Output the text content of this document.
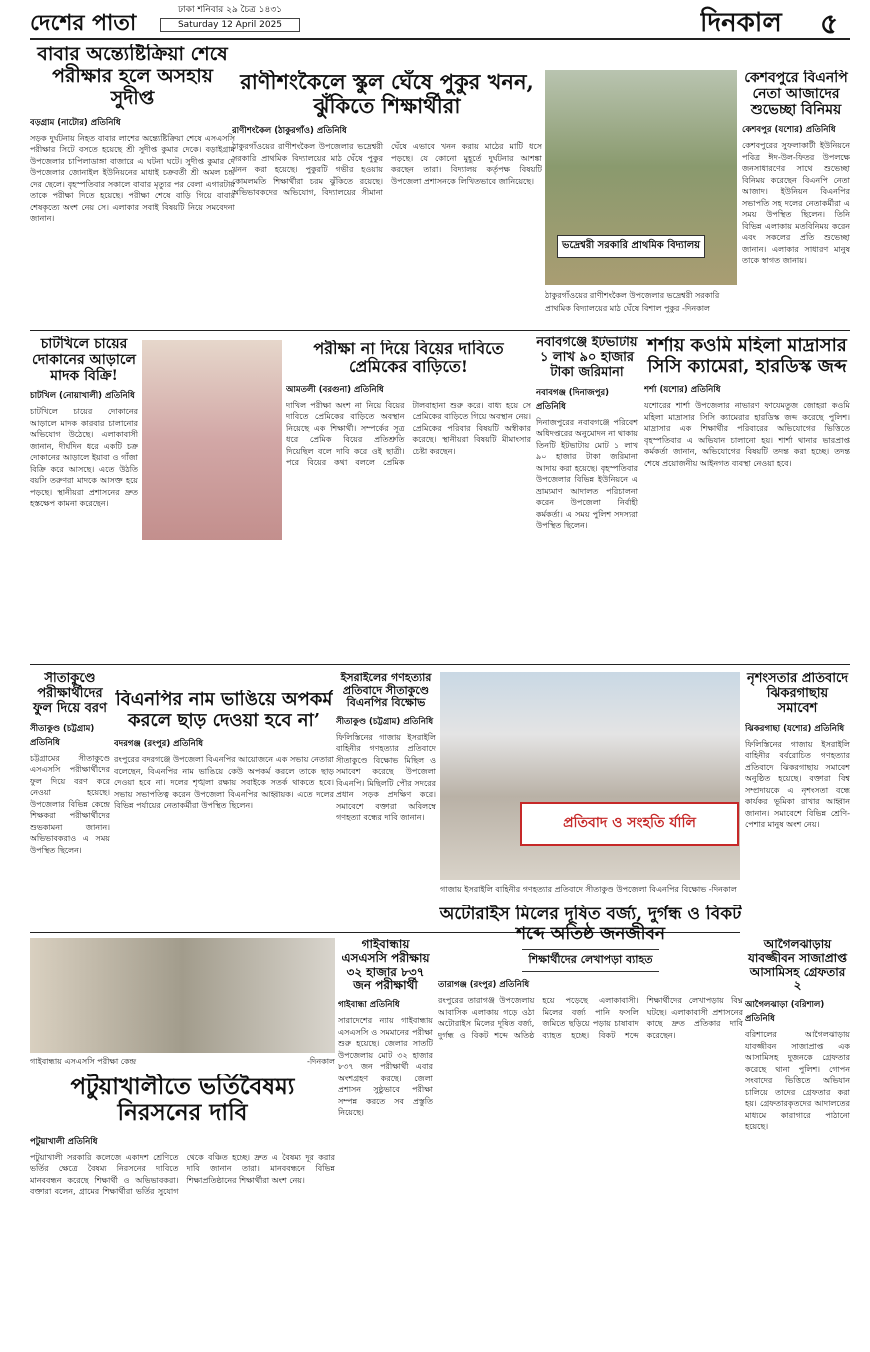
দেশের পাতা	ঢাকা শনিবার ২৯ চৈত্র ১৪৩১
Saturday 12 April 2025	দিনকাল	৫
বাবার অন্ত্যেষ্টিক্রিয়া শেষে পরীক্ষার হলে অসহায় সুদীপ্ত
বড়গ্রাম (নাটোর) প্রতিনিধি
সড়ক দুর্ঘটনায় নিহত বাবার লাশের অন্ত্যেষ্টিক্রিয়া শেষে এসএসসি পরীক্ষার সিটে বসতে হয়েছে শ্রী সুদীপ্ত কুমার দেকে। বড়াইগ্রাম উপজেলার চাপিলাডাঙ্গা বাজারে এ ঘটনা ঘটে। সুদীপ্ত কুমার দে উপজেলার জোনাইল ইউনিয়নের মাধাই চক্রবর্তী শ্রী অমল চন্দ্র দের ছেলে। বৃহস্পতিবার সকালে বাবার মৃত্যুর পর বেলা এগারটায় তাকে পরীক্ষা দিতে হয়েছে। পরীক্ষা শেষে বাড়ি গিয়ে বাবার শেষকৃত্যে অংশ নেয় সে। এলাকার সবাই বিষয়টি নিয়ে সমবেদনা জানান।
রাণীশংকৈলে স্কুল ঘেঁষে পুকুর খনন, ঝুঁকিতে শিক্ষার্থীরা
রাণীশংকৈল (ঠাকুরগাঁও) প্রতিনিধি
ঠাকুরগাঁওয়ের রাণীশংকৈল উপজেলার ভদ্রেশ্বরী সরকারি প্রাথমিক বিদ্যালয়ের মাঠ ঘেঁষে পুকুর খনন করা হয়েছে। পুকুরটি গভীর হওয়ায় কোমলমতি শিক্ষার্থীরা চরম ঝুঁকিতে রয়েছে। অভিভাবকদের অভিযোগ, বিদ্যালয়ের সীমানা ঘেঁষে এভাবে খনন করায় মাঠের মাটি ধসে পড়ছে। যে কোনো মুহূর্তে দুর্ঘটনার আশঙ্কা করছেন তারা। বিদ্যালয় কর্তৃপক্ষ বিষয়টি উপজেলা প্রশাসনকে লিখিতভাবে জানিয়েছে।
ভদ্রেশ্বরী সরকারি প্রাথমিক বিদ্যালয়
ঠাকুরগাঁওয়ের রাণীশংকৈল উপজেলার ভদ্রেশ্বরী সরকারি প্রাথমিক বিদ্যালয়ের মাঠ ঘেঁষে বিশাল পুকুর -দিনকাল
কেশবপুরে বিএনপি নেতা আজাদের শুভেচ্ছা বিনিময়
কেশবপুর (যশোর) প্রতিনিধি
কেশবপুরের সুফলাকাটী ইউনিয়নে পবিত্র ঈদ-উল-ফিতর উপলক্ষে জনসাধারণের সাথে শুভেচ্ছা বিনিময় করেছেন বিএনপি নেতা আজাদ। ইউনিয়ন বিএনপির সভাপতি সহ দলের নেতাকর্মীরা এ সময় উপস্থিত ছিলেন। তিনি বিভিন্ন এলাকায় মতবিনিময় করেন এবং সকলের প্রতি শুভেচ্ছা জানান। এলাকার সাধারণ মানুষ তাকে স্বাগত জানায়।
চাটখিলে চায়ের দোকানের আড়ালে মাদক বিক্রি!
চাটখিল (নোয়াখালী) প্রতিনিধি
চাটখিলে চায়ের দোকানের আড়ালে মাদক কারবার চালানোর অভিযোগ উঠেছে। এলাকাবাসী জানান, দীর্ঘদিন ধরে একটি চক্র দোকানের আড়ালে ইয়াবা ও গাঁজা বিক্রি করে আসছে। এতে উঠতি বয়সি তরুণরা মাদকে আসক্ত হয়ে পড়ছে। স্থানীয়রা প্রশাসনের দ্রুত হস্তক্ষেপ কামনা করেছেন।
পরীক্ষা না দিয়ে বিয়ের দাবিতে প্রেমিকের বাড়িতে!
আমতলী (বরগুনা) প্রতিনিধি
দাখিল পরীক্ষা অংশ না নিয়ে বিয়ের দাবিতে প্রেমিকের বাড়িতে অবস্থান নিয়েছে এক শিক্ষার্থী। সম্পর্কের সূত্র ধরে প্রেমিক বিয়ের প্রতিশ্রুতি দিয়েছিল বলে দাবি করে ওই ছাত্রী। পরে বিয়ের কথা বললে প্রেমিক টালবাহানা শুরু করে। বাধ্য হয়ে সে প্রেমিকের বাড়িতে গিয়ে অবস্থান নেয়। প্রেমিকের পরিবার বিষয়টি অস্বীকার করেছে। স্থানীয়রা বিষয়টি মীমাংসার চেষ্টা করছেন।
নবাবগঞ্জে ইটভাটায় ১ লাখ ৯০ হাজার টাকা জরিমানা
নবাবগঞ্জ (দিনাজপুর) প্রতিনিধি
দিনাজপুরের নবাবগঞ্জে পরিবেশ অধিদপ্তরের অনুমোদন না থাকায় তিনটি ইটভাটায় মোট ১ লাখ ৯০ হাজার টাকা জরিমানা আদায় করা হয়েছে। বৃহস্পতিবার উপজেলার বিভিন্ন ইউনিয়নে এ ভ্রাম্যমাণ আদালত পরিচালনা করেন উপজেলা নির্বাহী কর্মকর্তা। এ সময় পুলিশ সদস্যরা উপস্থিত ছিলেন।
শর্শায় কওমি মহিলা মাদ্রাসার সিসি ক্যামেরা, হারডিস্ক জব্দ
শর্শা (যশোর) প্রতিনিধি
যশোরের শার্শা উপজেলার নাভারণ ফাযেমতুজ জোহরা কওমি মহিলা মাদ্রাসার সিসি ক্যামেরার হারডিস্ক জব্দ করেছে পুলিশ। মাদ্রাসার এক শিক্ষার্থীর পরিবারের অভিযোগের ভিত্তিতে বৃহস্পতিবার এ অভিযান চালানো হয়। শার্শা থানার ভারপ্রাপ্ত কর্মকর্তা জানান, অভিযোগের বিষয়টি তদন্ত করা হচ্ছে। তদন্ত শেষে প্রয়োজনীয় আইনগত ব্যবস্থা নেওয়া হবে।
সীতাকুণ্ডে পরীক্ষার্থীদের ফুল দিয়ে বরণ
সীতাকুণ্ড (চট্টগ্রাম) প্রতিনিধি
চট্টগ্রামের সীতাকুণ্ডে এসএসসি পরীক্ষার্থীদের ফুল দিয়ে বরণ করে নেওয়া হয়েছে। উপজেলার বিভিন্ন কেন্দ্রে শিক্ষকরা পরীক্ষার্থীদের শুভকামনা জানান। অভিভাবকরাও এ সময় উপস্থিত ছিলেন।
বিএনপির নাম ভাঙিয়ে অপকর্ম করলে ছাড় দেওয়া হবে না’
বদরগঞ্জ (রংপুর) প্রতিনিধি
রংপুরের বদরগঞ্জে উপজেলা বিএনপির আয়োজনে এক সভায় নেতারা বলেছেন, বিএনপির নাম ভাঙিয়ে কেউ অপকর্ম করলে তাকে ছাড় দেওয়া হবে না। দলের শৃঙ্খলা রক্ষায় সবাইকে সতর্ক থাকতে হবে। সভায় সভাপতিত্ব করেন উপজেলা বিএনপির আহ্বায়ক। এতে দলের বিভিন্ন পর্যায়ের নেতাকর্মীরা উপস্থিত ছিলেন।
ইসরাইলের গণহত্যার প্রতিবাদে সীতাকুণ্ডে বিএনপির বিক্ষোভ
সীতাকুণ্ড (চট্টগ্রাম) প্রতিনিধি
ফিলিস্তিনের গাজায় ইসরাইলি বাহিনীর গণহত্যার প্রতিবাদে সীতাকুণ্ডে বিক্ষোভ মিছিল ও সমাবেশ করেছে উপজেলা বিএনপি। মিছিলটি পৌর সদরের প্রধান সড়ক প্রদক্ষিণ করে। সমাবেশে বক্তারা অবিলম্বে গণহত্যা বন্ধের দাবি জানান।	প্রতিবাদ ও সংহতি র্যালি
গাজায় ইসরাইলি বাহিনীর গণহত্যার প্রতিবাদে সীতাকুণ্ড উপজেলা বিএনপির বিক্ষোভ -দিনকাল
নৃশংসতার প্রতিবাদে ঝিকরগাছায় সমাবেশ
ঝিকরগাছা (যশোর) প্রতিনিধি
ফিলিস্তিনের গাজায় ইসরাইলি বাহিনীর বর্বরোচিত গণহত্যার প্রতিবাদে ঝিকরগাছায় সমাবেশ অনুষ্ঠিত হয়েছে। বক্তারা বিশ্ব সম্প্রদায়কে এ নৃশংসতা বন্ধে কার্যকর ভূমিকা রাখার আহ্বান জানান। সমাবেশে বিভিন্ন শ্রেণি-পেশার মানুষ অংশ নেয়।
গাইবান্ধায় এসএসসি পরীক্ষা কেন্দ্র	-দিনকাল
গাইবান্ধায় এসএসসি পরীক্ষায় ৩২ হাজার ৮৩৭ জন পরীক্ষার্থী
গাইবান্ধা প্রতিনিধি
সারাদেশের ন্যায় গাইবান্ধায় এসএসসি ও সমমানের পরীক্ষা শুরু হয়েছে। জেলার সাতটি উপজেলায় মোট ৩২ হাজার ৮৩৭ জন পরীক্ষার্থী এবার অংশগ্রহণ করছে। জেলা প্রশাসন সুষ্ঠুভাবে পরীক্ষা সম্পন্ন করতে সব প্রস্তুতি নিয়েছে।
অটোরাইস মিলের দূষিত বর্জ্য, দুর্গন্ধ ও বিকট শব্দে অতিষ্ঠ জনজীবন
শিক্ষার্থীদের লেখাপড়া ব্যাহত
তারাগঞ্জ (রংপুর) প্রতিনিধি
রংপুরের তারাগঞ্জ উপজেলায় আবাসিক এলাকায় গড়ে ওঠা অটোরাইস মিলের দূষিত বর্জ্য, দুর্গন্ধ ও বিকট শব্দে অতিষ্ঠ হয়ে পড়েছে এলাকাবাসী। মিলের বর্জ্য পানি ফসলি জমিতে ছড়িয়ে পড়ায় চাষাবাদ ব্যাহত হচ্ছে। বিকট শব্দে শিক্ষার্থীদের লেখাপড়ায় বিঘ্ন ঘটছে। এলাকাবাসী প্রশাসনের কাছে দ্রুত প্রতিকার দাবি করেছেন।
আগৈলঝাড়ায় যাবজ্জীবন সাজাপ্রাপ্ত আসামিসহ গ্রেফতার ২
আগৈলঝাড়া (বরিশাল) প্রতিনিধি
বরিশালের আগৈলঝাড়ায় যাবজ্জীবন সাজাপ্রাপ্ত এক আসামিসহ দুজনকে গ্রেফতার করেছে থানা পুলিশ। গোপন সংবাদের ভিত্তিতে অভিযান চালিয়ে তাদের গ্রেফতার করা হয়। গ্রেফতারকৃতদের আদালতের মাধ্যমে কারাগারে পাঠানো হয়েছে।
পটুয়াখালীতে ভর্তিবৈষম্য নিরসনের দাবি
পটুয়াখালী প্রতিনিধি
পটুয়াখালী সরকারি কলেজে একাদশ শ্রেণিতে ভর্তির ক্ষেত্রে বৈষম্য নিরসনের দাবিতে মানববন্ধন করেছে শিক্ষার্থী ও অভিভাবকরা। বক্তারা বলেন, গ্রামের শিক্ষার্থীরা ভর্তির সুযোগ থেকে বঞ্চিত হচ্ছে। দ্রুত এ বৈষম্য দূর করার দাবি জানান তারা। মানববন্ধনে বিভিন্ন শিক্ষাপ্রতিষ্ঠানের শিক্ষার্থীরা অংশ নেয়।
